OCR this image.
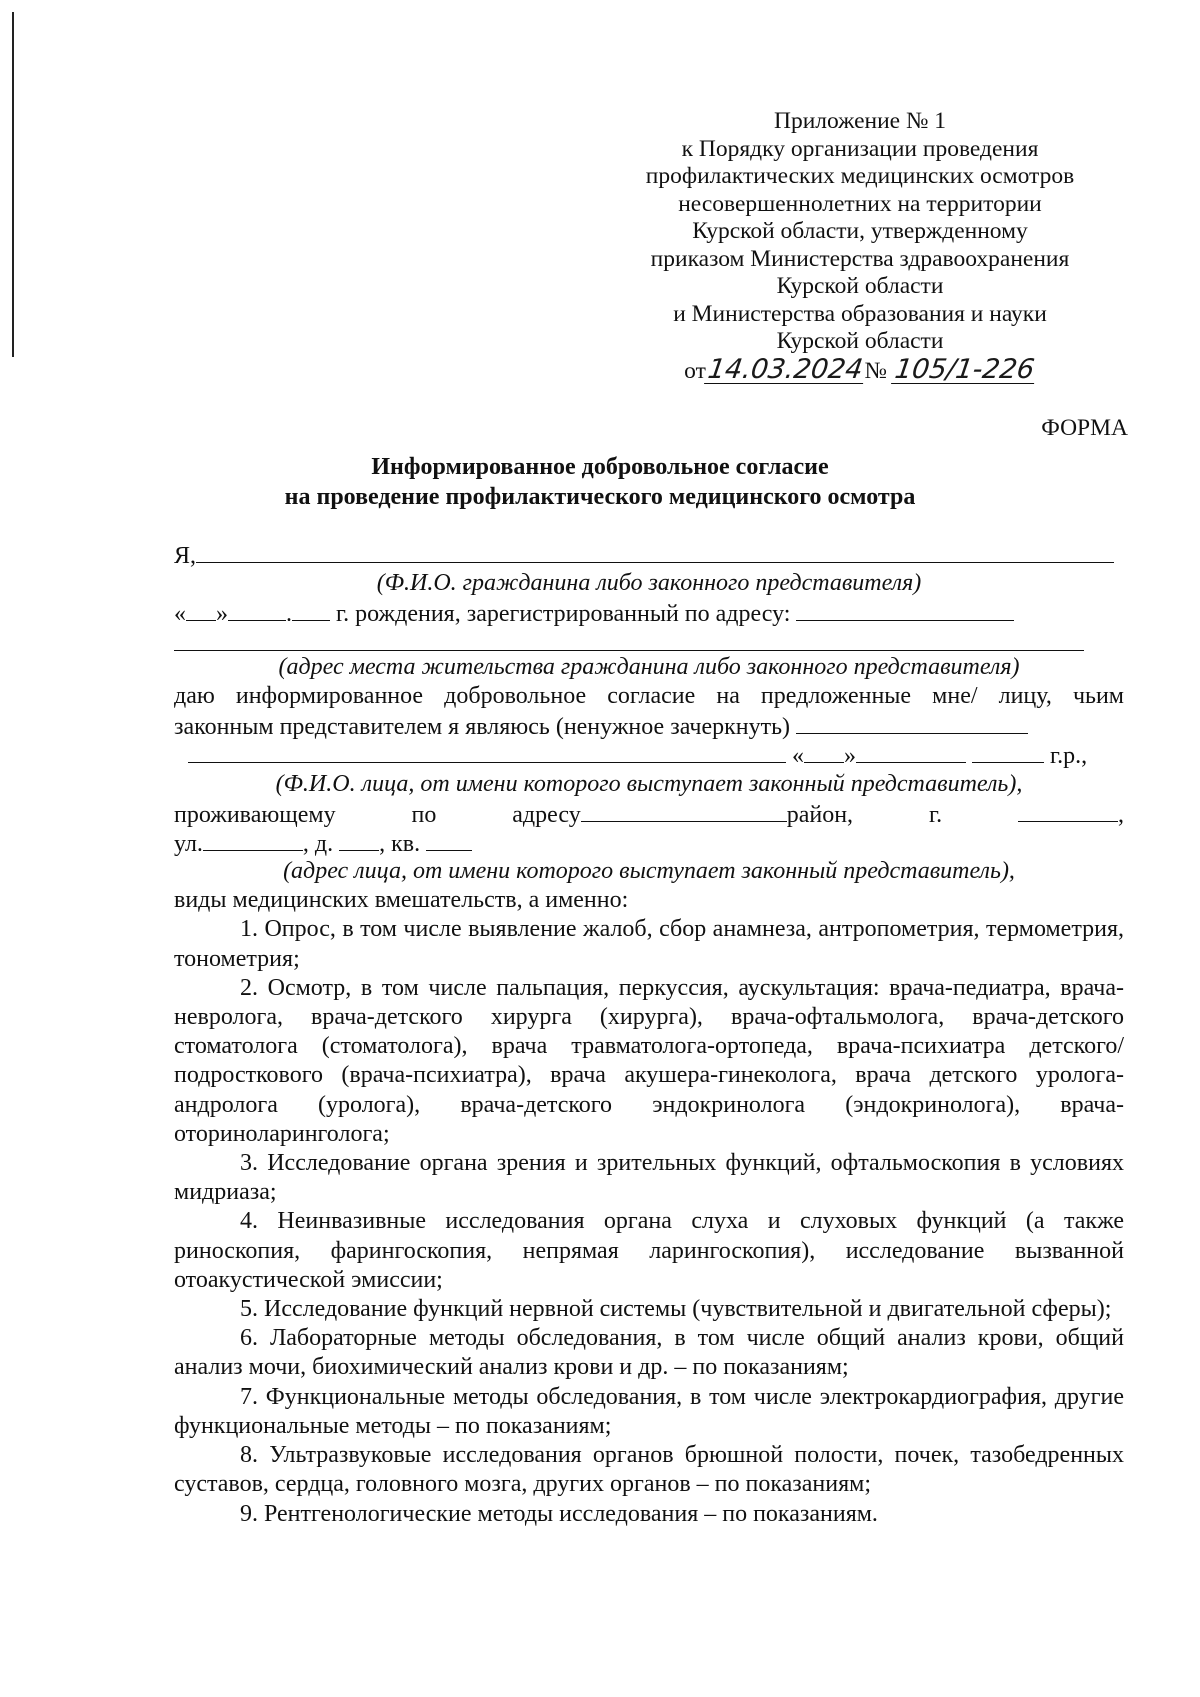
Приложение № 1
к Порядку организации проведения
профилактических медицинских осмотров
несовершеннолетних на территории
Курской области, утвержденному
приказом Министерства здравоохранения
Курской области
и Министерства образования и науки
Курской области
от14.03.2024№ 105/1-226
ФОРМА
Информированное добровольное согласие
на проведение профилактического медицинского осмотра
Я,
(Ф.И.О. гражданина либо законного представителя)
« » . г. рождения, зарегистрированный по адресу:
(адрес места жительства гражданина либо законного представителя)
даю информированное добровольное согласие на предложенные мне/ лицу, чьим
законным представителем я являюсь (ненужное зачеркнуть)
« »	г.р.,
(Ф.И.О. лица, от имени которого выступает законный представитель),
проживающему	по	адресу	район,	г.	,
ул.	, д. , кв.
(адрес лица, от имени которого выступает законный представитель),
виды медицинских вмешательств, а именно:

1. Опрос, в том числе выявление жалоб, сбор анамнеза, антропометрия, термометрия, тонометрия;

2. Осмотр, в том числе пальпация, перкуссия, аускультация: врача-педиатра, врача-невролога, врача-детского хирурга (хирурга), врача-офтальмолога, врача-детского стоматолога (стоматолога), врача травматолога-ортопеда, врача-психиатра детского/подросткового (врача-психиатра), врача акушера-гинеколога, врача детского уролога-андролога (уролога), врача-детского эндокринолога (эндокринолога), врача-оториноларинголога;

3. Исследование органа зрения и зрительных функций, офтальмоскопия в условиях мидриаза;

4. Неинвазивные исследования органа слуха и слуховых функций (а также риноскопия, фарингоскопия, непрямая ларингоскопия), исследование вызванной отоакустической эмиссии;

5. Исследование функций нервной системы (чувствительной и двигательной сферы);

6. Лабораторные методы обследования, в том числе общий анализ крови, общий анализ мочи, биохимический анализ крови и др. – по показаниям;

7. Функциональные методы обследования, в том числе электрокардиография, другие функциональные методы – по показаниям;

8. Ультразвуковые исследования органов брюшной полости, почек, тазобедренных суставов, сердца, головного мозга, других органов – по показаниям;

9. Рентгенологические методы исследования – по показаниям.
